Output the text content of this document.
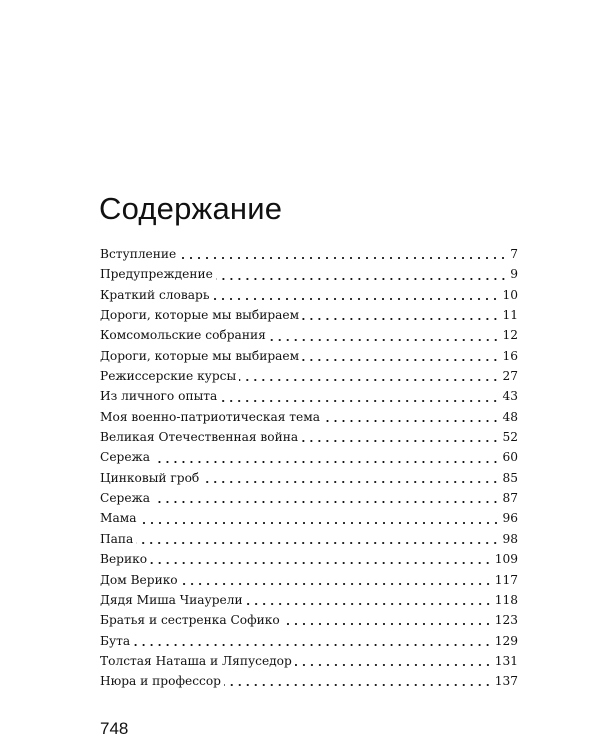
Содержание
Вступление	7
Предупреждение	9
Краткий словарь	10
Дороги, которые мы выбираем	11
Комсомольские собрания	12
Дороги, которые мы выбираем	16
Режиссерские курсы	27
Из личного опыта	43
Моя военно-патриотическая тема	48
Великая Отечественная война	52
Сережа	60
Цинковый гроб	85
Сережа	87
Мама	96
Папа	98
Верико	109
Дом Верико	117
Дядя Миша Чиаурели	118
Братья и сестренка Софико	123
Бута	129
Толстая Наташа и Ляпуседор	131
Нюра и профессор	137
748
